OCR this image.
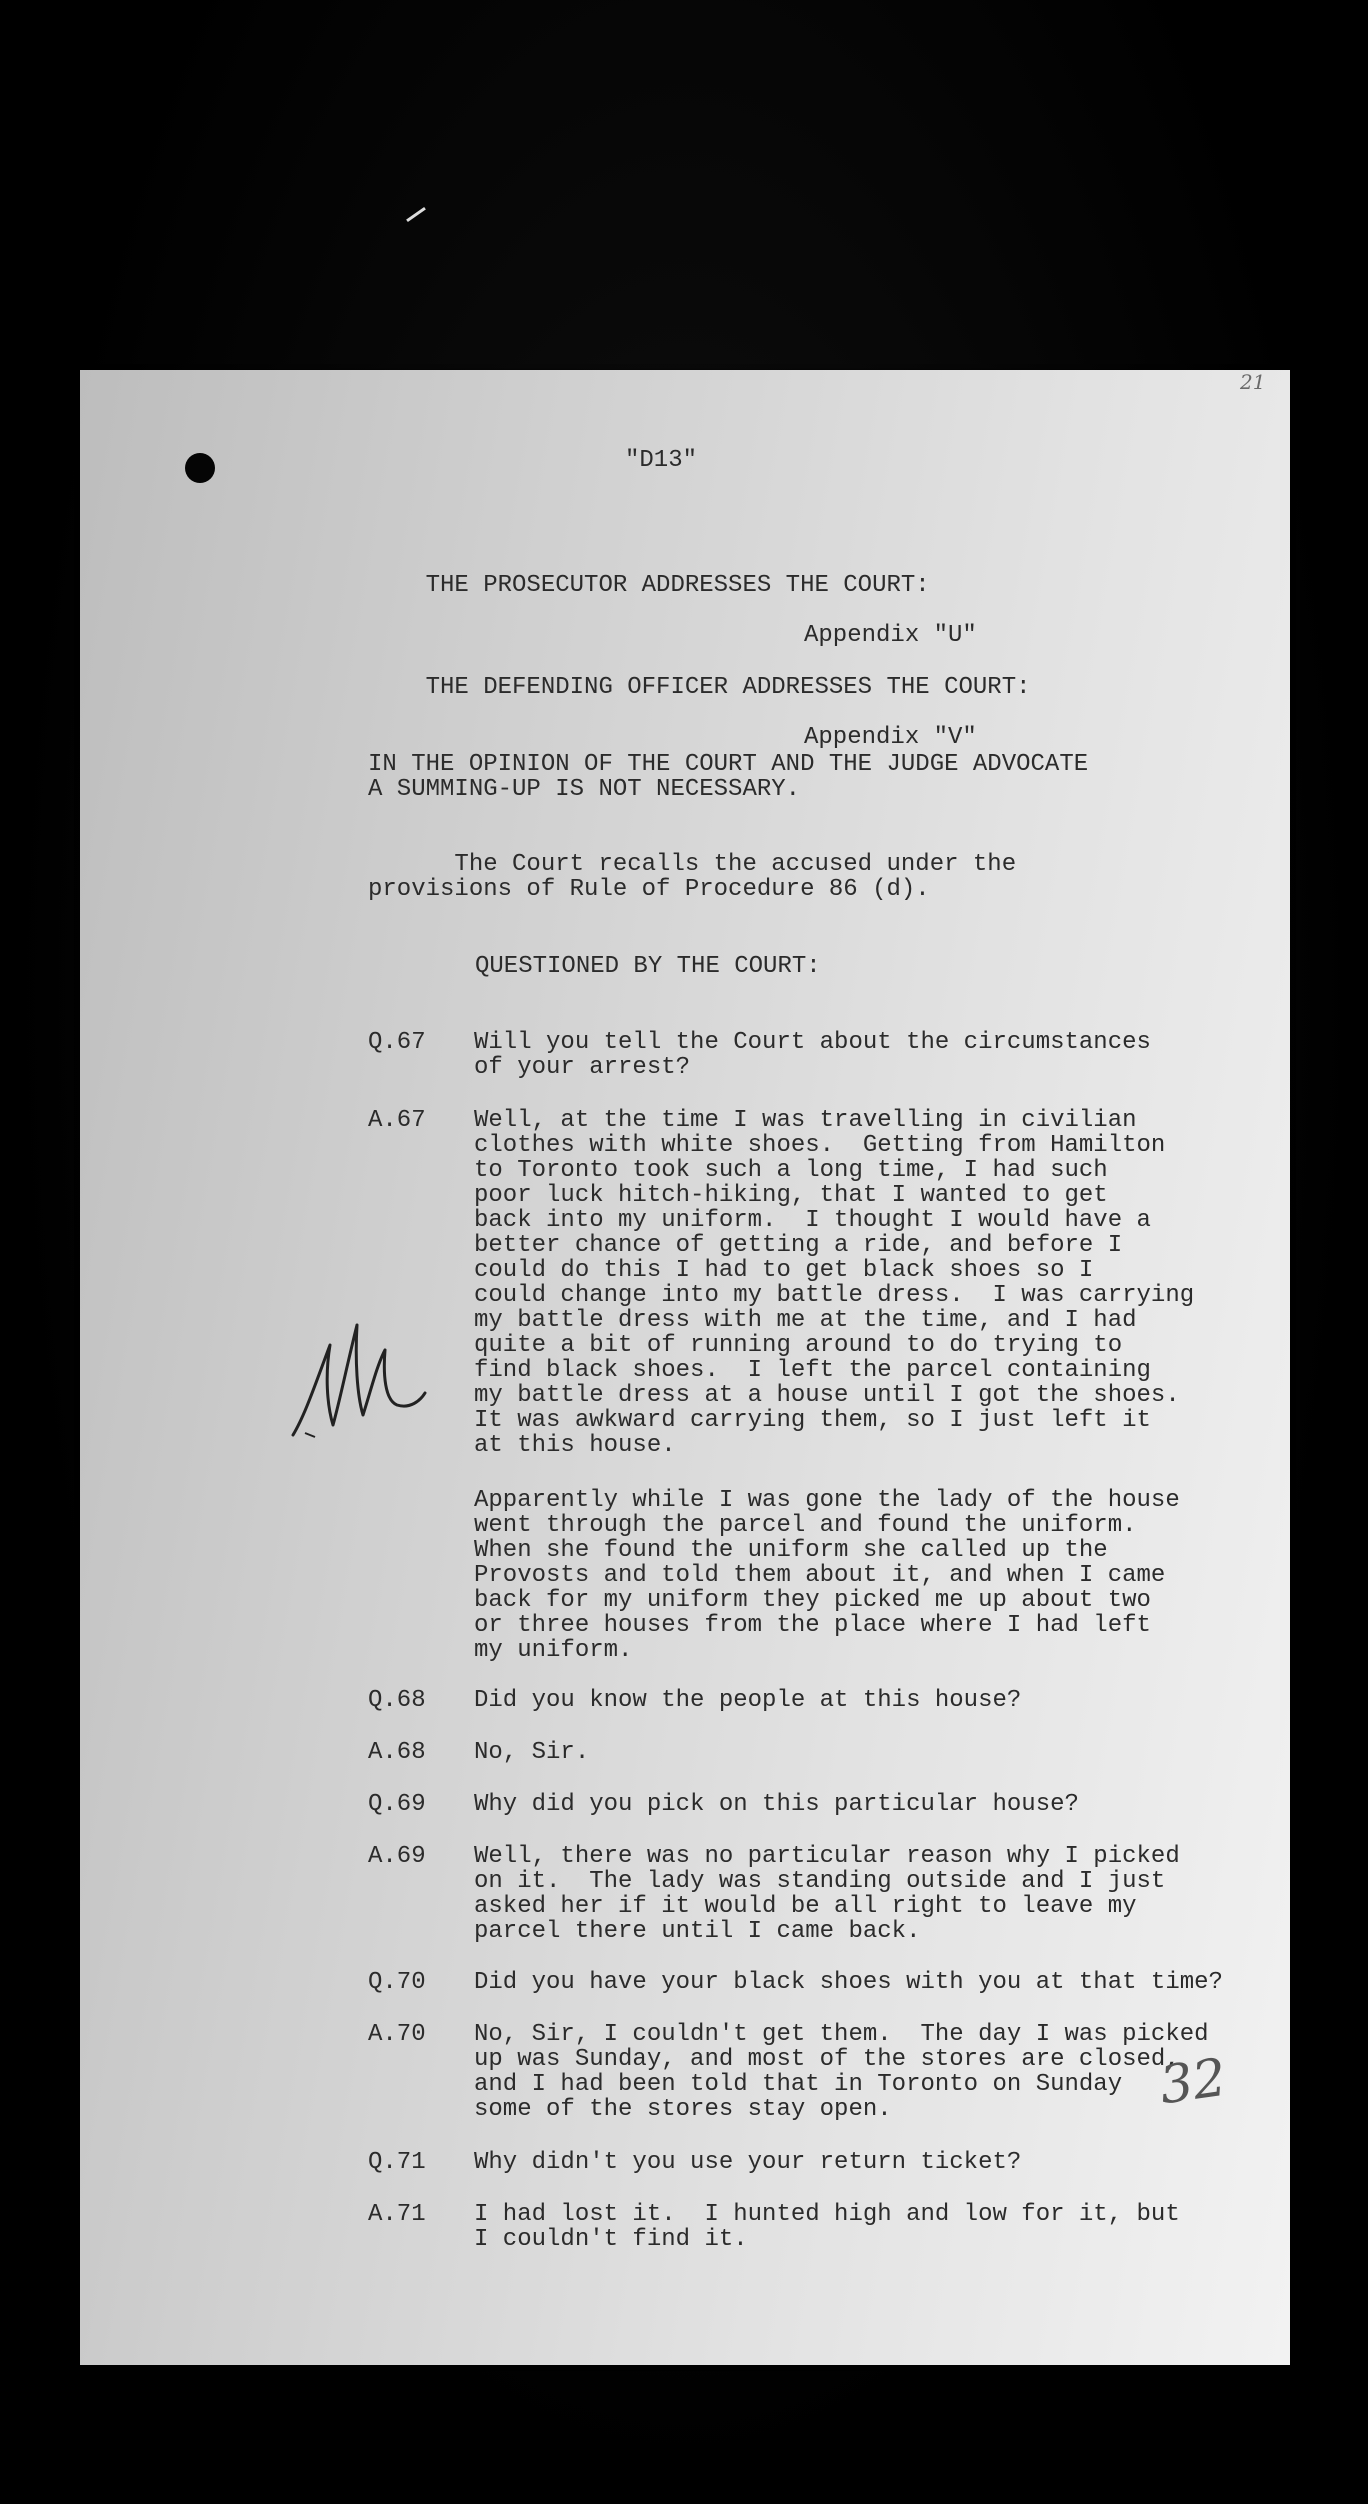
21
"D13"

THE PROSECUTOR ADDRESSES THE COURT:

Appendix "U"

THE DEFENDING OFFICER ADDRESSES THE COURT:

Appendix "V"

IN THE OPINION OF THE COURT AND THE JUDGE ADVOCATE
A SUMMING-UP IS NOT NECESSARY.
The Court recalls the accused under the
provisions of Rule of Procedure 86 (d).
QUESTIONED BY THE COURT:
Q.67 Will you tell the Court about the circumstances
of your arrest?
A.67 Well, at the time I was travelling in civilian
clothes with white shoes.  Getting from Hamilton
to Toronto took such a long time, I had such
poor luck hitch-hiking, that I wanted to get
back into my uniform.  I thought I would have a
better chance of getting a ride, and before I
could do this I had to get black shoes so I
could change into my battle dress.  I was carrying
my battle dress with me at the time, and I had
quite a bit of running around to do trying to
find black shoes.  I left the parcel containing
my battle dress at a house until I got the shoes.
It was awkward carrying them, so I just left it
at this house.
Apparently while I was gone the lady of the house
went through the parcel and found the uniform.
When she found the uniform she called up the
Provosts and told them about it, and when I came
back for my uniform they picked me up about two
or three houses from the place where I had left
my uniform.
Q.68 Did you know the people at this house?
A.68 No, Sir.
Q.69 Why did you pick on this particular house?
A.69 Well, there was no particular reason why I picked
on it.  The lady was standing outside and I just
asked her if it would be all right to leave my
parcel there until I came back.
Q.70 Did you have your black shoes with you at that time?
A.70 No, Sir, I couldn't get them.  The day I was picked
up was Sunday, and most of the stores are closed,
and I had been told that in Toronto on Sunday
some of the stores stay open.
Q.71 Why didn't you use your return ticket?
A.71 I had lost it.  I hunted high and low for it, but
I couldn't find it.
32
